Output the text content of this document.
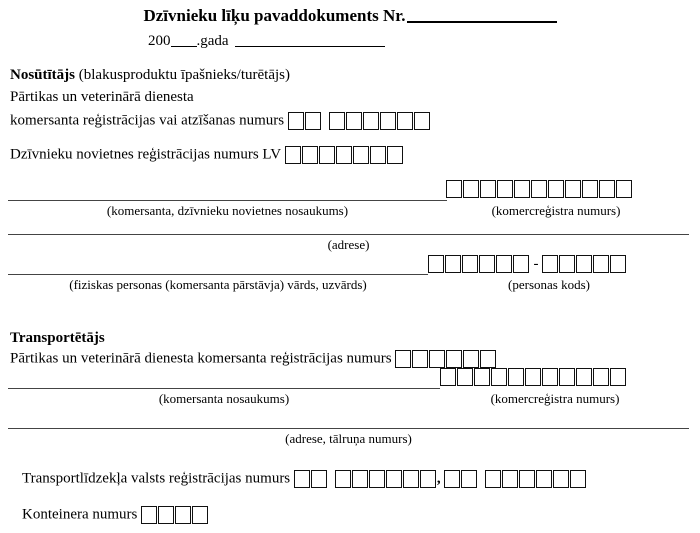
Dzīvnieku līķu pavaddokuments Nr.
200 .gada
Nosūtītājs (blakusproduktu īpašnieks/turētājs)
Pārtikas un veterinārā dienesta
komersanta reģistrācijas vai atzīšanas numurs
Dzīvnieku novietnes reģistrācijas numurs LV
(komersanta, dzīvnieku novietnes nosaukums)	(komercreģistra numurs)
(adrese)
-
(fiziskas personas (komersanta pārstāvja) vārds, uzvārds)	(personas kods)
Transportētājs
Pārtikas un veterinārā dienesta komersanta reģistrācijas numurs
(komersanta nosaukums)	(komercreģistra numurs)
(adrese, tālruņa numurs)
Transportlīdzekļa valsts reģistrācijas numurs	,
Konteinera numurs
